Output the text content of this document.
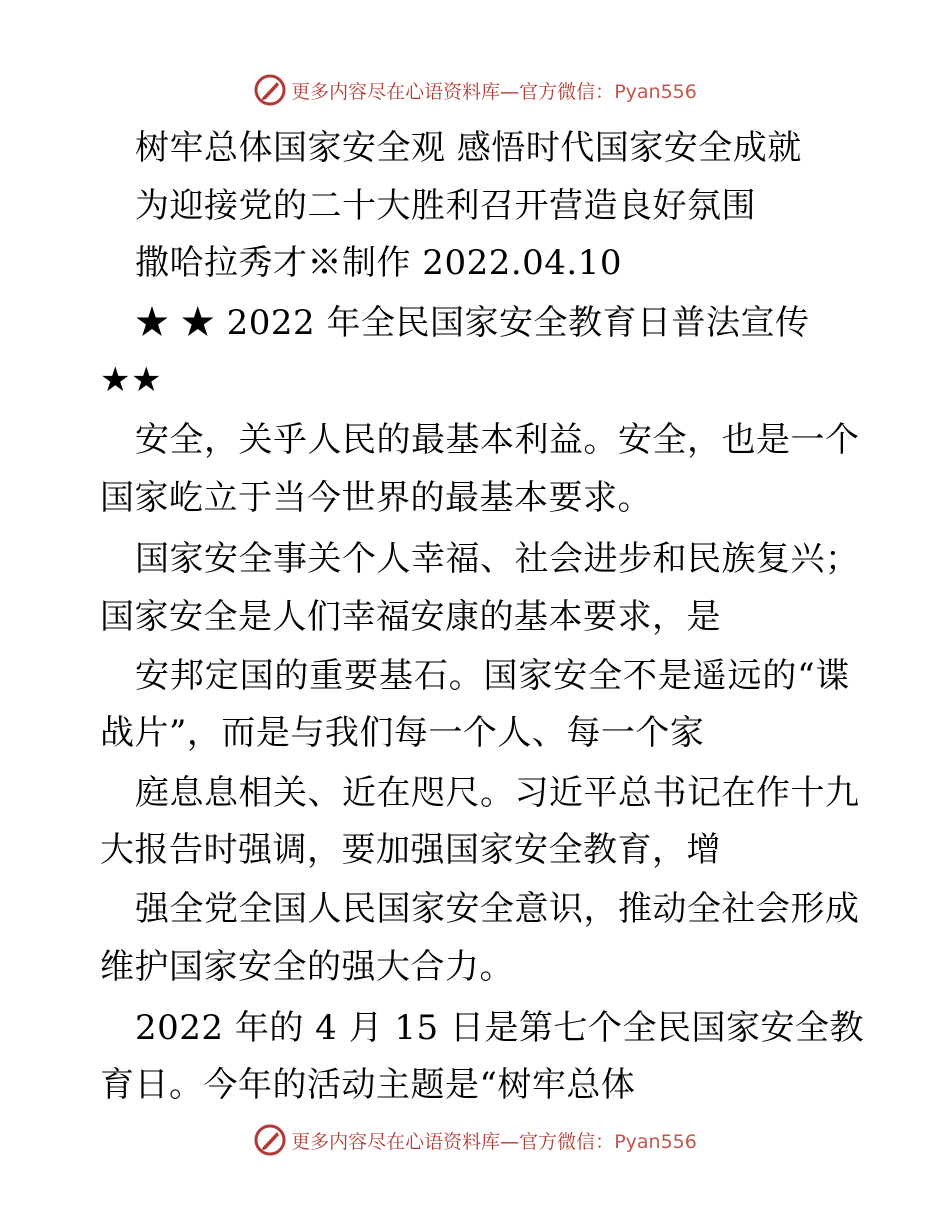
更多内容尽在心语资料库—官方微信：Pyan556
树牢总体国家安全观 感悟时代国家安全成就
为迎接党的二十大胜利召开营造良好氛围
撒哈拉秀才※制作 2022.04.10
★ ★ 2022 年全民国家安全教育日普法宣传
★★
安全，关乎人民的最基本利益。安全，也是一个
国家屹立于当今世界的最基本要求。
国家安全事关个人幸福、社会进步和民族复兴；
国家安全是人们幸福安康的基本要求，是
安邦定国的重要基石。国家安全不是遥远的“谍
战片”，而是与我们每一个人、每一个家
庭息息相关、近在咫尺。习近平总书记在作十九
大报告时强调，要加强国家安全教育，增
强全党全国人民国家安全意识，推动全社会形成
维护国家安全的强大合力。
2022 年的 4 月 15 日是第七个全民国家安全教
育日。今年的活动主题是“树牢总体
更多内容尽在心语资料库—官方微信：Pyan556
